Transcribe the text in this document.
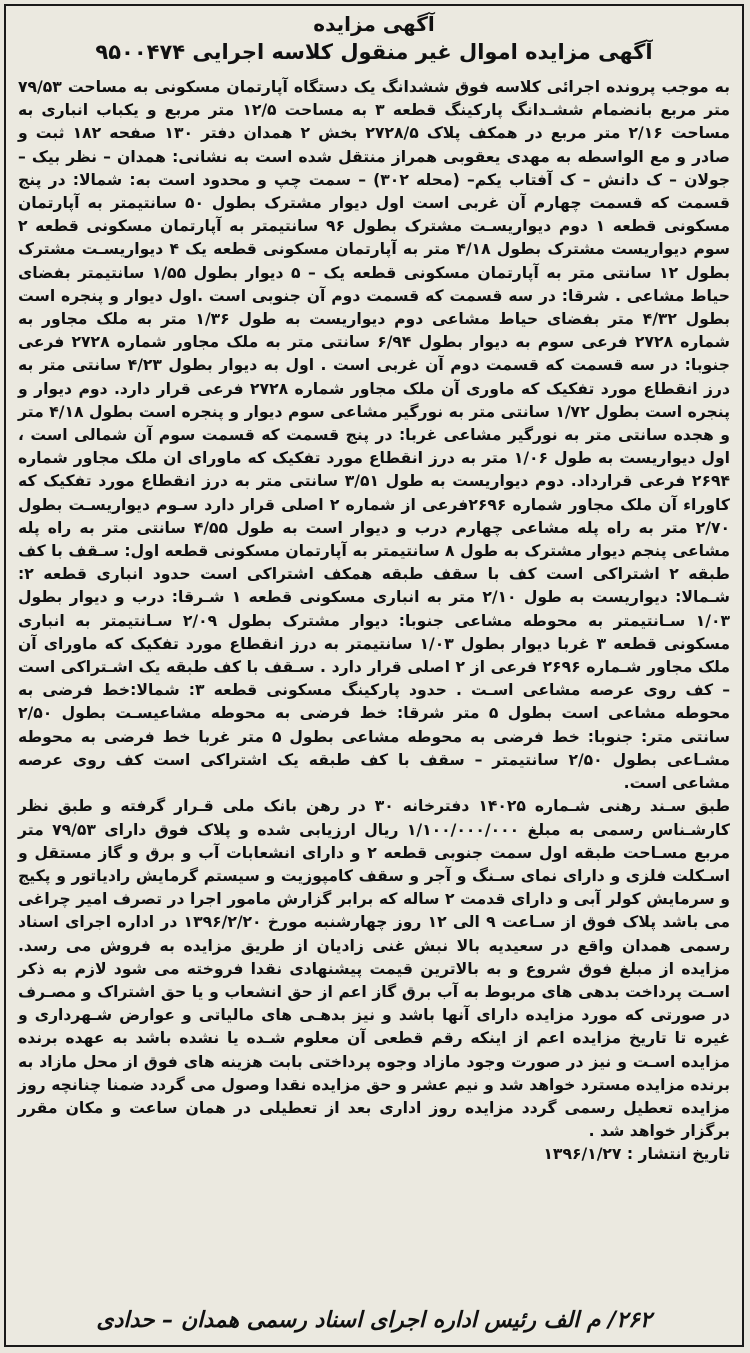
آگهی مزایده
آگهی مزایده اموال غیر منقول کلاسه اجرایی ۹۵۰۰۴۷۴

به موجب پرونده اجرائی کلاسه فوق ششدانگ یک دستگاه آپارتمان مسکونی به مساحت ۷۹/۵۳ متر مربع بانضمام ششـدانگ پارکینگ قطعه ۳ به مساحت ۱۲/۵ متر مربع و یکباب انباری به مساحت ۲/۱۶ متر مربع در همکف پلاک ۲۷۲۸/۵ بخش ۲ همدان دفتر ۱۳۰ صفحه ۱۸۲ ثبت و صادر و مع الواسطه به مهدی یعقوبی همراز منتقل شده است به نشانی: همدان – نظر بیک – جولان – ک دانش – ک آفتاب یکم– (محله ۳۰۲) – سمت چپ و محدود است به: شمالا: در پنج قسمت که قسمت چهارم آن غربی است اول دیوار مشترک بطول ۵۰ سانتیمتر به آپارتمان مسکونی قطعه ۱ دوم دیواریسـت مشترک بطول ۹۶ سانتیمتر به آپارتمان مسکونی قطعه ۲ سوم دیواریست مشترک بطول ۴/۱۸ متر به آپارتمان مسکونی قطعه یک ۴ دیواریسـت مشترک بطول ۱۲ سانتی متر به آپارتمان مسکونی قطعه یک – ۵ دیوار بطول ۱/۵۵ سانتیمتر بفضای حیاط مشاعی . شرقا: در سه قسمت که قسمت دوم آن جنوبی است .اول دیوار و پنجره است بطول ۴/۳۲ متر بفضای حیاط مشاعی دوم دیواریست به طول ۱/۳۶ متر به ملک مجاور به شماره ۲۷۲۸ فرعی سوم به دیوار بطول ۶/۹۴ سانتی متر به ملک مجاور شماره ۲۷۲۸ فرعی جنوبا: در سه قسمت که قسمت دوم آن غربی است . اول به دیوار بطول ۴/۲۳ سانتی متر به درز انقطاع مورد تفکیک که ماوری آن ملک مجاور شماره ۲۷۲۸ فرعی قرار دارد. دوم دیوار و پنجره است بطول ۱/۷۲ سانتی متر به نورگیر مشاعی سوم دیوار و پنجره است بطول ۴/۱۸ متر و هجده سانتی متر به نورگیر مشاعی غربا: در پنج قسمت که قسمت سوم آن شمالی است ، اول دیواریست به طول ۱/۰۶ متر به درز انقطاع مورد تفکیک که ماورای ان ملک مجاور شماره ۲۶۹۴ فرعی قرارداد. دوم دیواریست به طول ۳/۵۱ سانتی متر به درز انقطاع مورد تفکیک که کاوراء آن ملک مجاور شماره ۲۶۹۶فرعی از شماره ۲ اصلی قرار دارد سـوم دیواریسـت بطول ۲/۷۰ متر به راه پله مشاعی چهارم درب و دیوار است به طول ۴/۵۵ سانتی متر به راه پله مشاعی پنجم دیوار مشترک به طول ۸ سانتیمتر به آپارتمان مسکونی قطعه اول: سـقف با کف طبقه ۲ اشتراکی است کف با سقف طبقه همکف اشتراکی است حدود انباری قطعه ۲: شـمالا: دیواریست به طول ۲/۱۰ متر به انباری مسکونی قطعه ۱ شـرقا: درب و دیوار بطول ۱/۰۳ سـانتیمتر به محوطه مشاعی جنوبا: دیوار مشترک بطول ۲/۰۹ سـانتیمتر به انباری مسکونی قطعه ۳ غربا دیوار بطول ۱/۰۳ سانتیمتر به درز انقطاع مورد تفکیک که ماورای آن ملک مجاور شـماره ۲۶۹۶ فرعی از ۲ اصلی قرار دارد . سـقف با کف طبقه یک اشـتراکی است – کف روی عرصه مشاعی اسـت . حدود پارکینگ مسکونی قطعه ۳: شمالا:خط فرضی به محوطه مشاعی است بطول ۵ متر شرقا: خط فرضی به محوطه مشاعیسـت بطول ۲/۵۰ سانتی متر: جنوبا: خط فرضی به محوطه مشاعی بطول ۵ متر غربا خط فرضی به محوطه مشـاعی بطول ۲/۵۰ سانتیمتر – سقف با کف طبقه یک اشتراکی است کف روی عرصه مشاعی است.

طبق سـند رهنی شـماره ۱۴۰۲۵ دفترخانه ۳۰ در رهن بانک ملی قـرار گرفته و طبق نظر کارشـناس رسمی به مبلغ ۱/۱۰۰/۰۰۰/۰۰۰ ریال ارزیابی شده و پلاک فوق دارای ۷۹/۵۳ متر مربع مسـاحت طبقه اول سمت جنوبی قطعه ۲ و دارای انشعابات آب و برق و گاز مستقل و اسـکلت فلزی و دارای نمای سـنگ و آجر و سقف کامپوزیت و سیستم گرمایش رادیاتور و پکیج و سرمایش کولر آبی و دارای قدمت ۲ ساله که برابر گزارش مامور اجرا در تصرف امیر چراغی می باشد پلاک فوق از سـاعت ۹ الی ۱۲ روز چهارشنبه مورخ ۱۳۹۶/۲/۲۰ در اداره اجرای اسناد رسمی همدان واقع در سعیدیه بالا نبش غنی زادیان از طریق مزایده به فروش می رسد. مزایده از مبلغ فوق شروع و به بالاترین قیمت پیشنهادی نقدا فروخته می شود لازم به ذکر اسـت پرداخت بدهی های مربوط به آب برق گاز اعم از حق انشعاب و یا حق اشتراک و مصـرف در صورتی که مورد مزایده دارای آنها باشد و نیز بدهـی های مالیاتی و عوارض شـهرداری و غیره تا تاریخ مزایده اعم از اینکه رقم قطعی آن معلوم شـده یا نشده باشد به عهده برنده مزایده اسـت و نیز در صورت وجود مازاد وجوه پرداختی بابت هزینه های فوق از محل مازاد به برنده مزایده مسترد خواهد شد و نیم عشر و حق مزایده نقدا وصول می گردد ضمنا چنانچه روز مزایده تعطیل رسمی گردد مزایده روز اداری بعد از تعطیلی در همان ساعت و مکان مقرر برگزار خواهد شد .

تاریخ انتشار : ۱۳۹۶/۱/۲۷

۲۶۲/ م الف رئیس اداره اجرای اسناد رسمی همدان – حدادی
